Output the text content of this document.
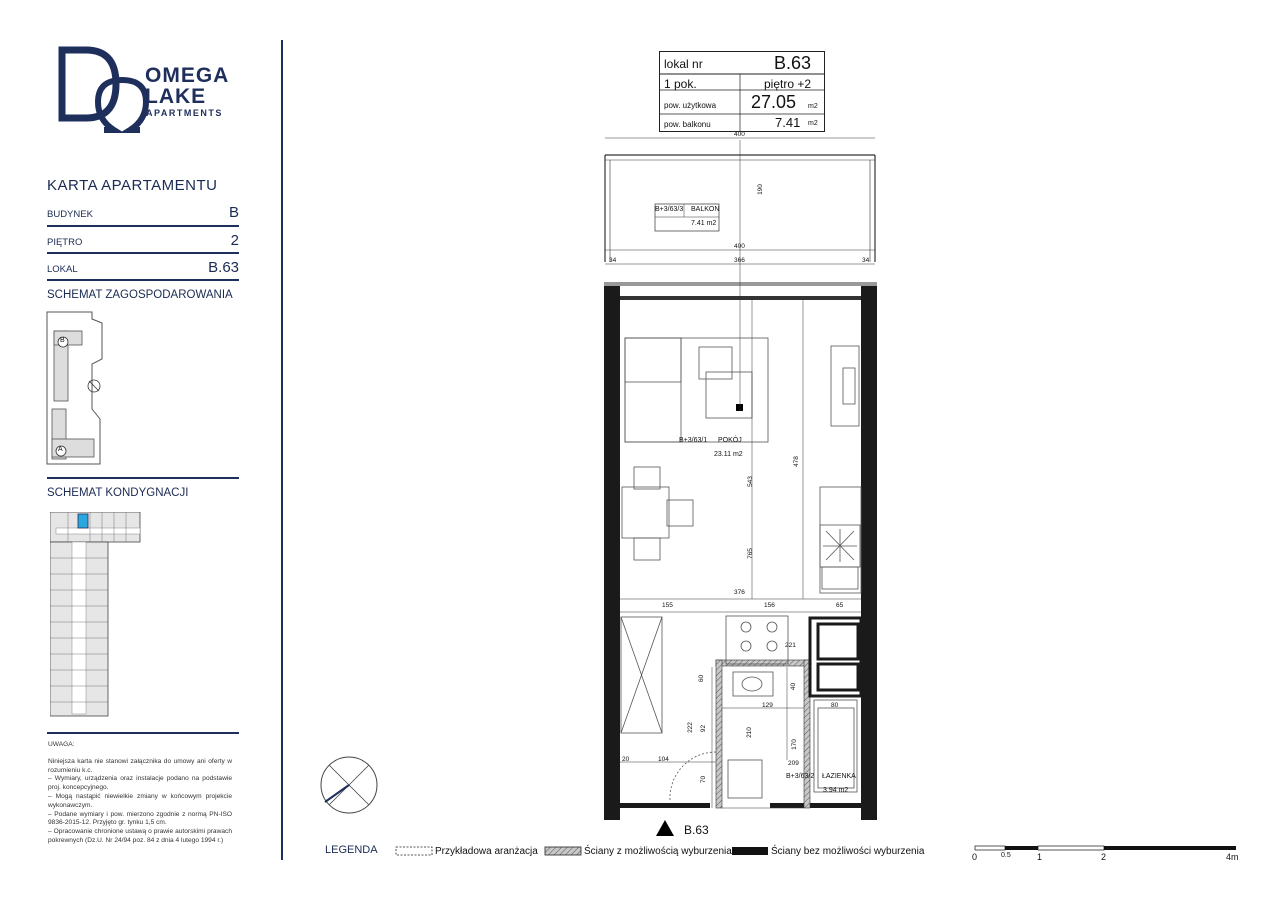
OMEGA
LAKE
APARTMENTS
KARTA APARTAMENTU
BUDYNEK	B
PIĘTRO	2
LOKAL	B.63
SCHEMAT ZAGOSPODAROWANIA
B
A
SCHEMAT KONDYGNACJI
UWAGA:
Niniejsza karta nie stanowi załącznika do umowy ani oferty w rozumieniu k.c.
– Wymiary, urządzenia oraz instalacje podano na podstawie proj. koncepcyjnego.
– Mogą nastąpić niewielkie zmiany w końcowym projekcie wykonawczym.
– Podane wymiary i pow. mierzono zgodnie z normą PN-ISO 9836-2015-12. Przyjęto gr. tynku 1,5 cm.
– Opracowanie chronione ustawą o prawie autorskimi prawach pokrewnych (Dz.U. Nr 24/94 poz. 84 z dnia 4 lutego 1994 r.)
lokal nr	B.63
1 pok.	piętro +2
pow. użytkowa 27.05 m2
pow. balkonu	7.41 m2
B+3/63/3 BALKON
7.41 m2
B+3/63/1 POKÓJ
23.11 m2
B+3/63/2 ŁAZIENKA
3.94 m2
400
190
400
366
34	34
543
478
765
376
155	156	65
221
60
40
129	80
222 92	210
170
20	104
70
209
B.63
LEGENDA	Przykładowa aranżacja	Ściany z możliwością wyburzenia	Ściany bez możliwości wyburzenia	0	0.5	1	2	4m
